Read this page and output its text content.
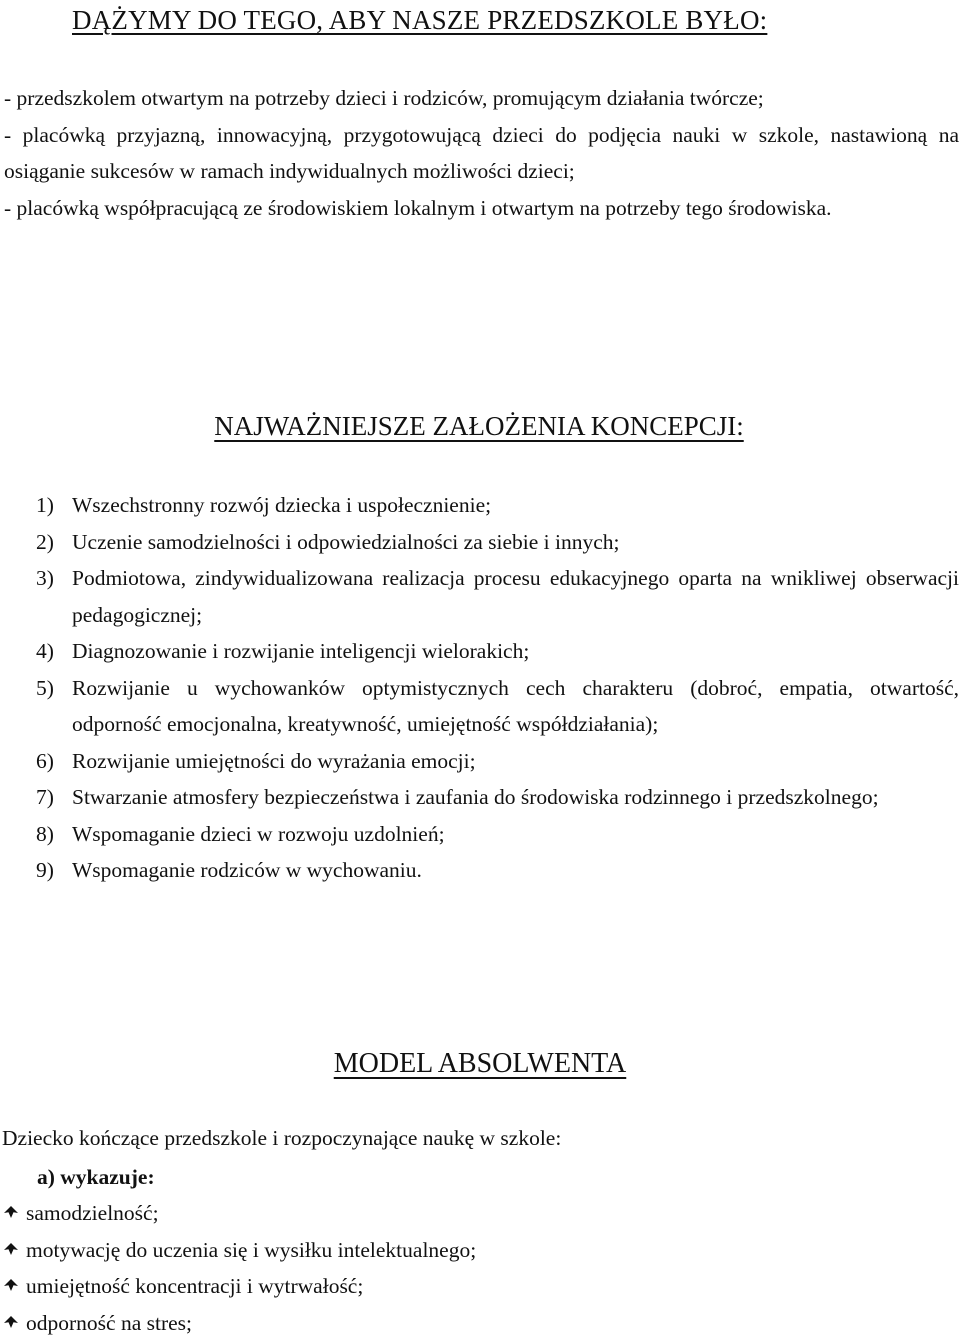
DĄŻYMY DO TEGO, ABY NASZE PRZEDSZKOLE BYŁO:

- przedszkolem otwartym na potrzeby dzieci i rodziców, promującym działania twórcze;

- placówką przyjazną, innowacyjną, przygotowującą dzieci do podjęcia nauki w szkole, nastawioną na osiąganie sukcesów w ramach indywidualnych możliwości dzieci;

- placówką współpracującą ze środowiskiem lokalnym i otwartym na potrzeby tego środowiska.

NAJWAŻNIEJSZE ZAŁOŻENIA KONCEPCJI:
1) Wszechstronny rozwój dziecka i uspołecznienie;
2) Uczenie samodzielności i odpowiedzialności za siebie i innych;
3) Podmiotowa, zindywidualizowana realizacja procesu edukacyjnego oparta na wnikliwej obserwacji pedagogicznej;
4) Diagnozowanie i rozwijanie inteligencji wielorakich;
5) Rozwijanie u wychowanków optymistycznych cech charakteru (dobroć, empatia, otwartość, odporność emocjonalna, kreatywność, umiejętność współdziałania);
6) Rozwijanie umiejętności do wyrażania emocji;
7) Stwarzanie atmosfery bezpieczeństwa i zaufania do środowiska rodzinnego i przedszkolnego;
8) Wspomaganie dzieci w rozwoju uzdolnień;
9) Wspomaganie rodziców w wychowaniu.
MODEL ABSOLWENTA
Dziecko kończące przedszkole i rozpoczynające naukę w szkole:
a) wykazuje:
samodzielność;
motywację do uczenia się i wysiłku intelektualnego;
umiejętność koncentracji i wytrwałość;
odporność na stres;
